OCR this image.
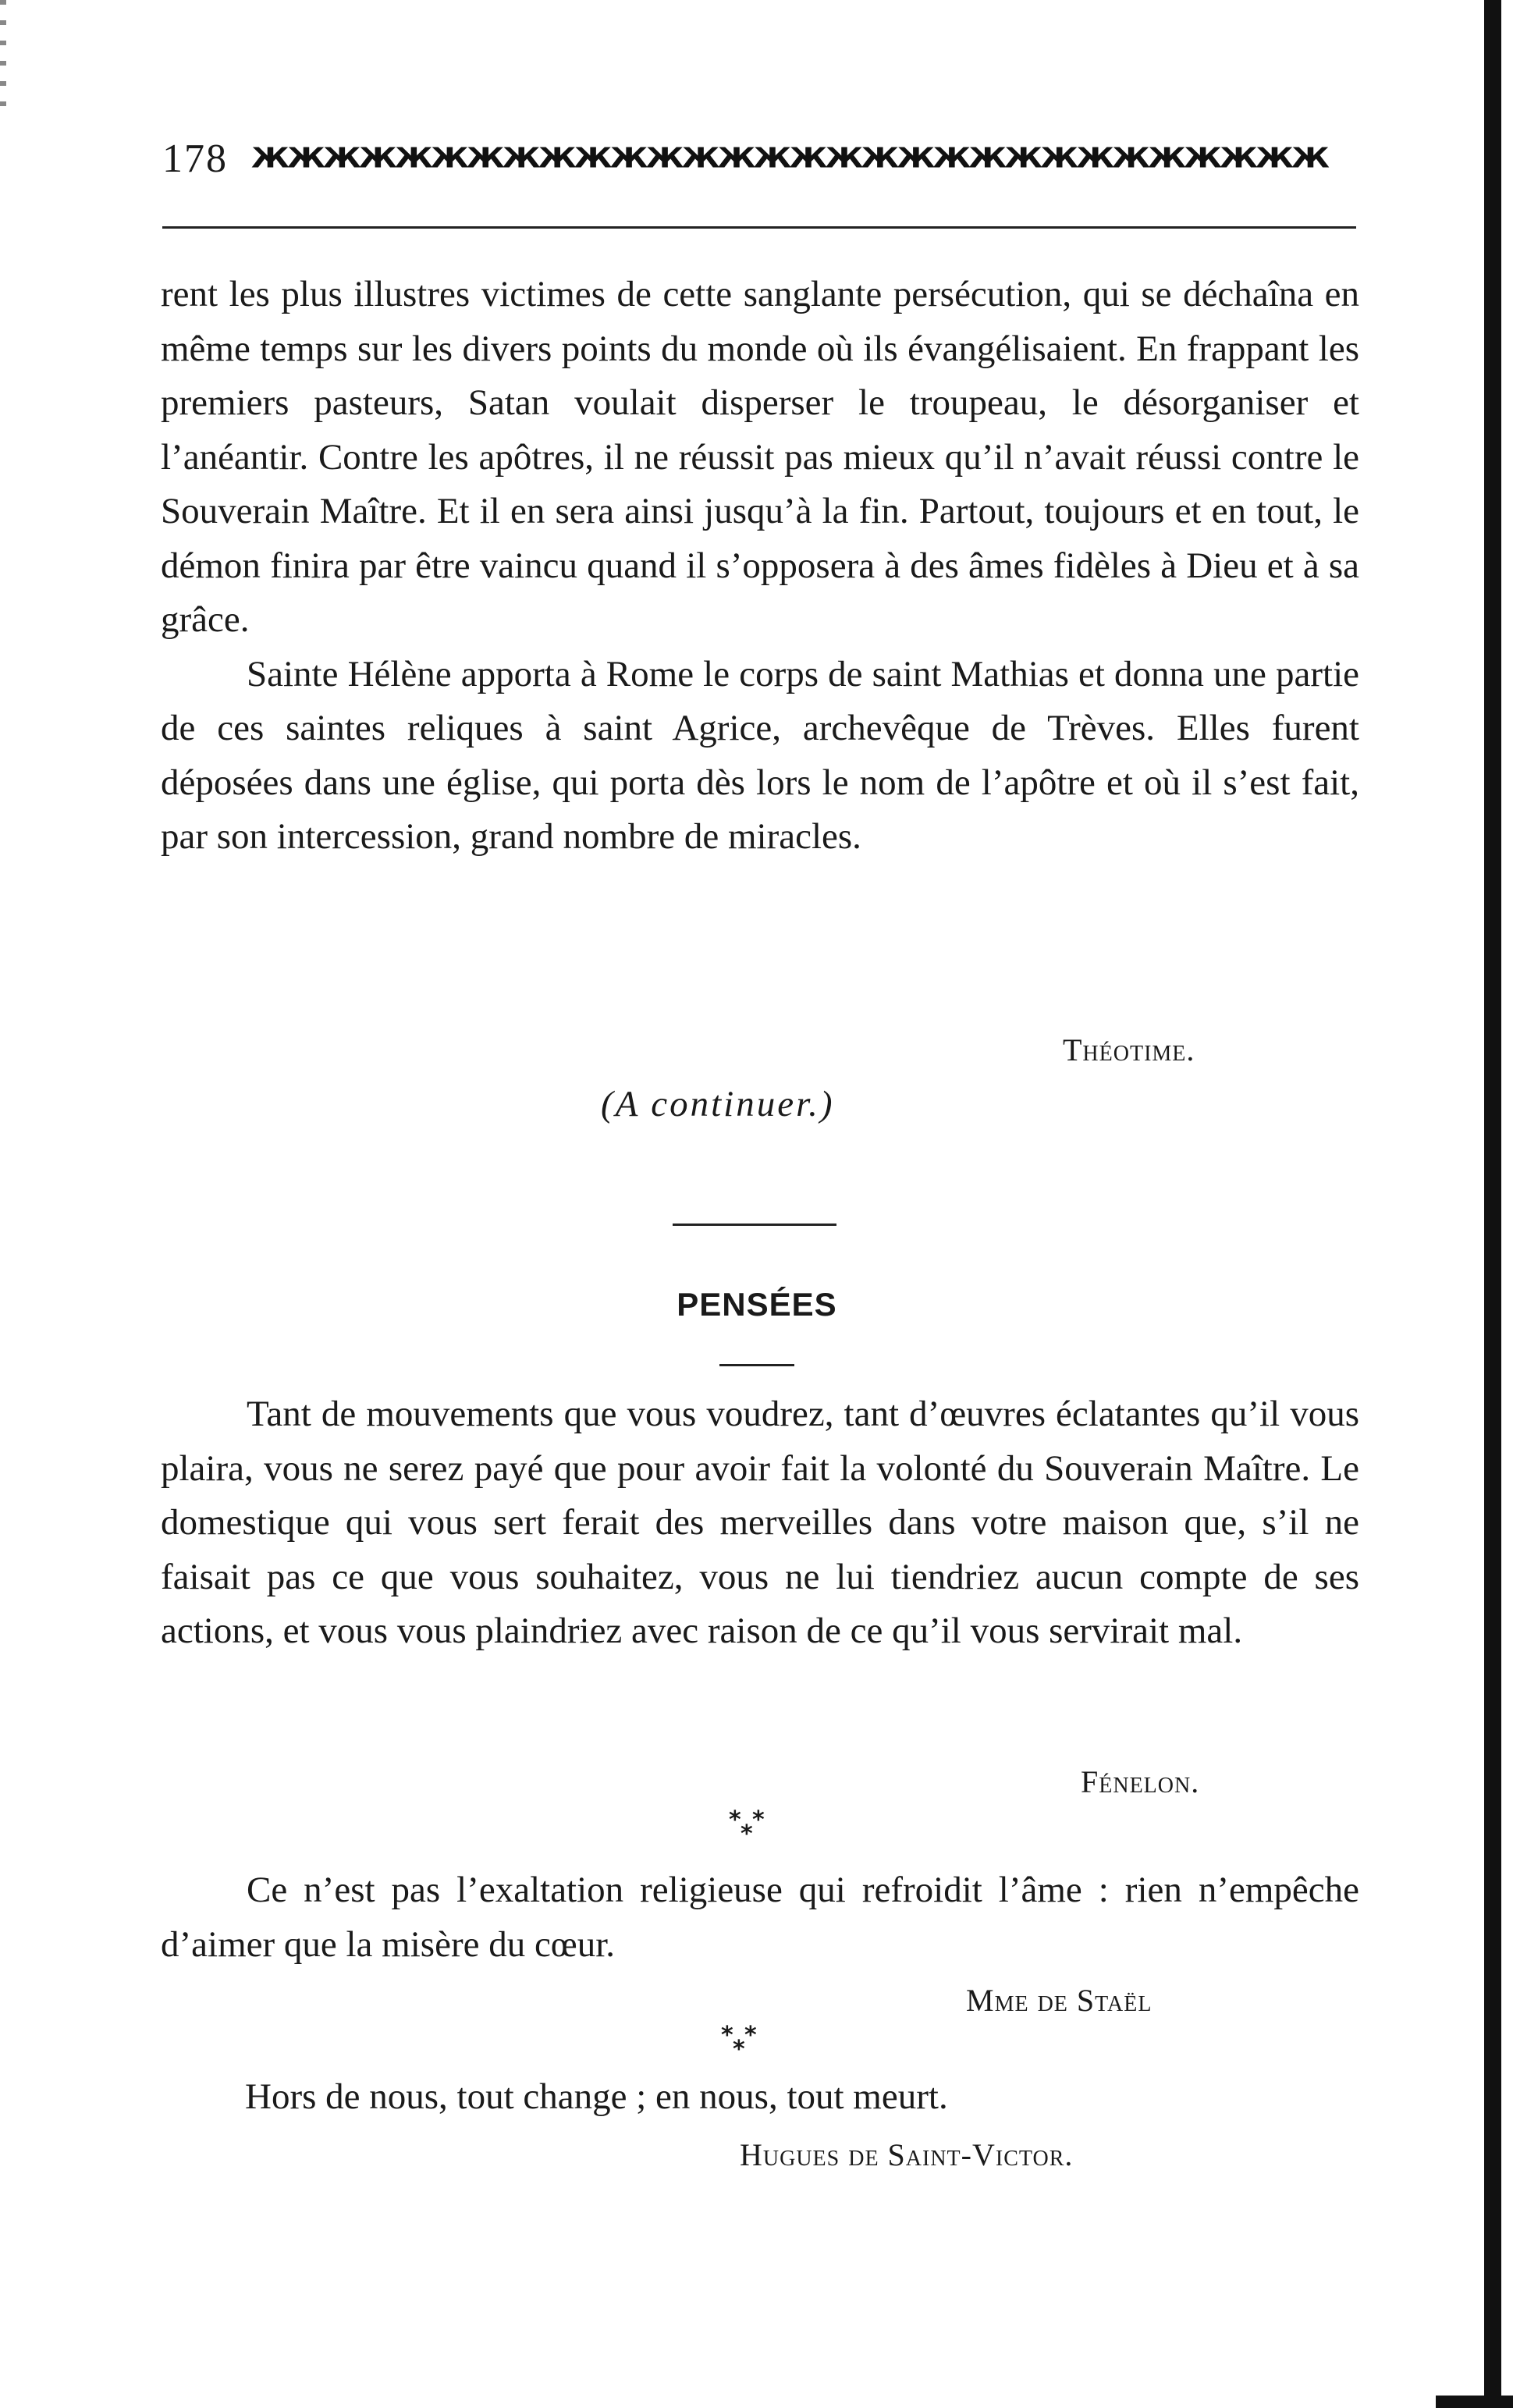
178 ЖЖЖЖЖЖЖЖЖЖЖЖЖЖЖЖЖЖЖЖЖЖЖЖЖЖЖЖЖЖ

rent les plus illustres victimes de cette sanglante persécution, qui se déchaîna en même temps sur les divers points du monde où ils évangélisaient. En frappant les premiers pasteurs, Satan voulait disperser le troupeau, le désorganiser et l’anéantir. Contre les apôtres, il ne réussit pas mieux qu’il n’avait réussi contre le Souverain Maître. Et il en sera ainsi jusqu’à la fin. Partout, toujours et en tout, le démon finira par être vaincu quand il s’opposera à des âmes fidèles à Dieu et à sa grâce.

Sainte Hélène apporta à Rome le corps de saint Mathias et donna une partie de ces saintes reliques à saint Agrice, archevêque de Trèves. Elles furent déposées dans une église, qui porta dès lors le nom de l’apôtre et où il s’est fait, par son intercession, grand nombre de miracles.

Théotime.
(A continuer.)
PENSÉES

Tant de mouvements que vous voudrez, tant d’œuvres éclatantes qu’il vous plaira, vous ne serez payé que pour avoir fait la volonté du Souverain Maître. Le domestique qui vous sert ferait des merveilles dans votre maison que, s’il ne faisait pas ce que vous souhaitez, vous ne lui tiendriez aucun compte de ses actions, et vous vous plaindriez avec raison de ce qu’il vous servirait mal.

Fénelon.
* *
*

Ce n’est pas l’exaltation religieuse qui refroidit l’âme : rien n’empêche d’aimer que la misère du cœur.

Mme de Staël
* *
*
Hors de nous, tout change ; en nous, tout meurt.
Hugues de Saint-Victor.
